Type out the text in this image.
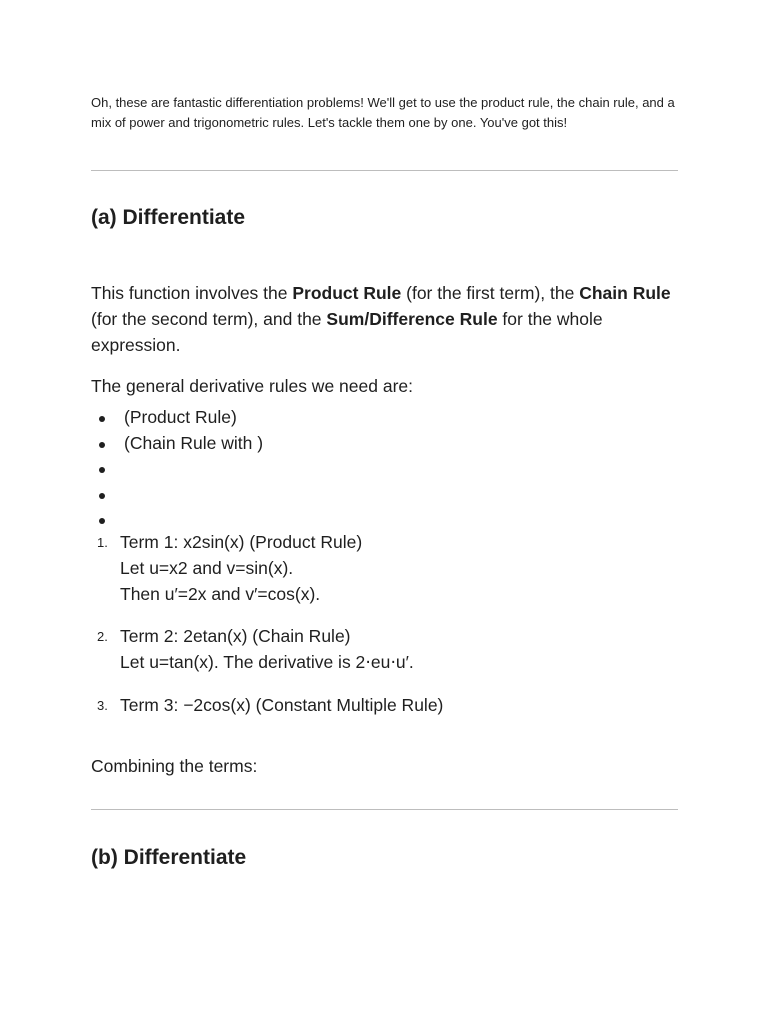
Oh, these are fantastic differentiation problems! We'll get to use the product rule, the chain rule, and a mix of power and trigonometric rules. Let's tackle them one by one. You've got this!

(a) Differentiate

This function involves the Product Rule (for the first term), the Chain Rule (for the second term), and the Sum/Difference Rule for the whole expression.

The general derivative rules we need are:

(Product Rule)
(Chain Rule with )
1. Term 1: x2sin(x) (Product Rule)
Let u=x2 and v=sin(x).
Then u′=2x and v′=cos(x).
2. Term 2: 2etan(x) (Chain Rule)
Let u=tan(x). The derivative is 2⋅eu⋅u′.
3. Term 3: −2cos(x) (Constant Multiple Rule)

Combining the terms:

(b) Differentiate
